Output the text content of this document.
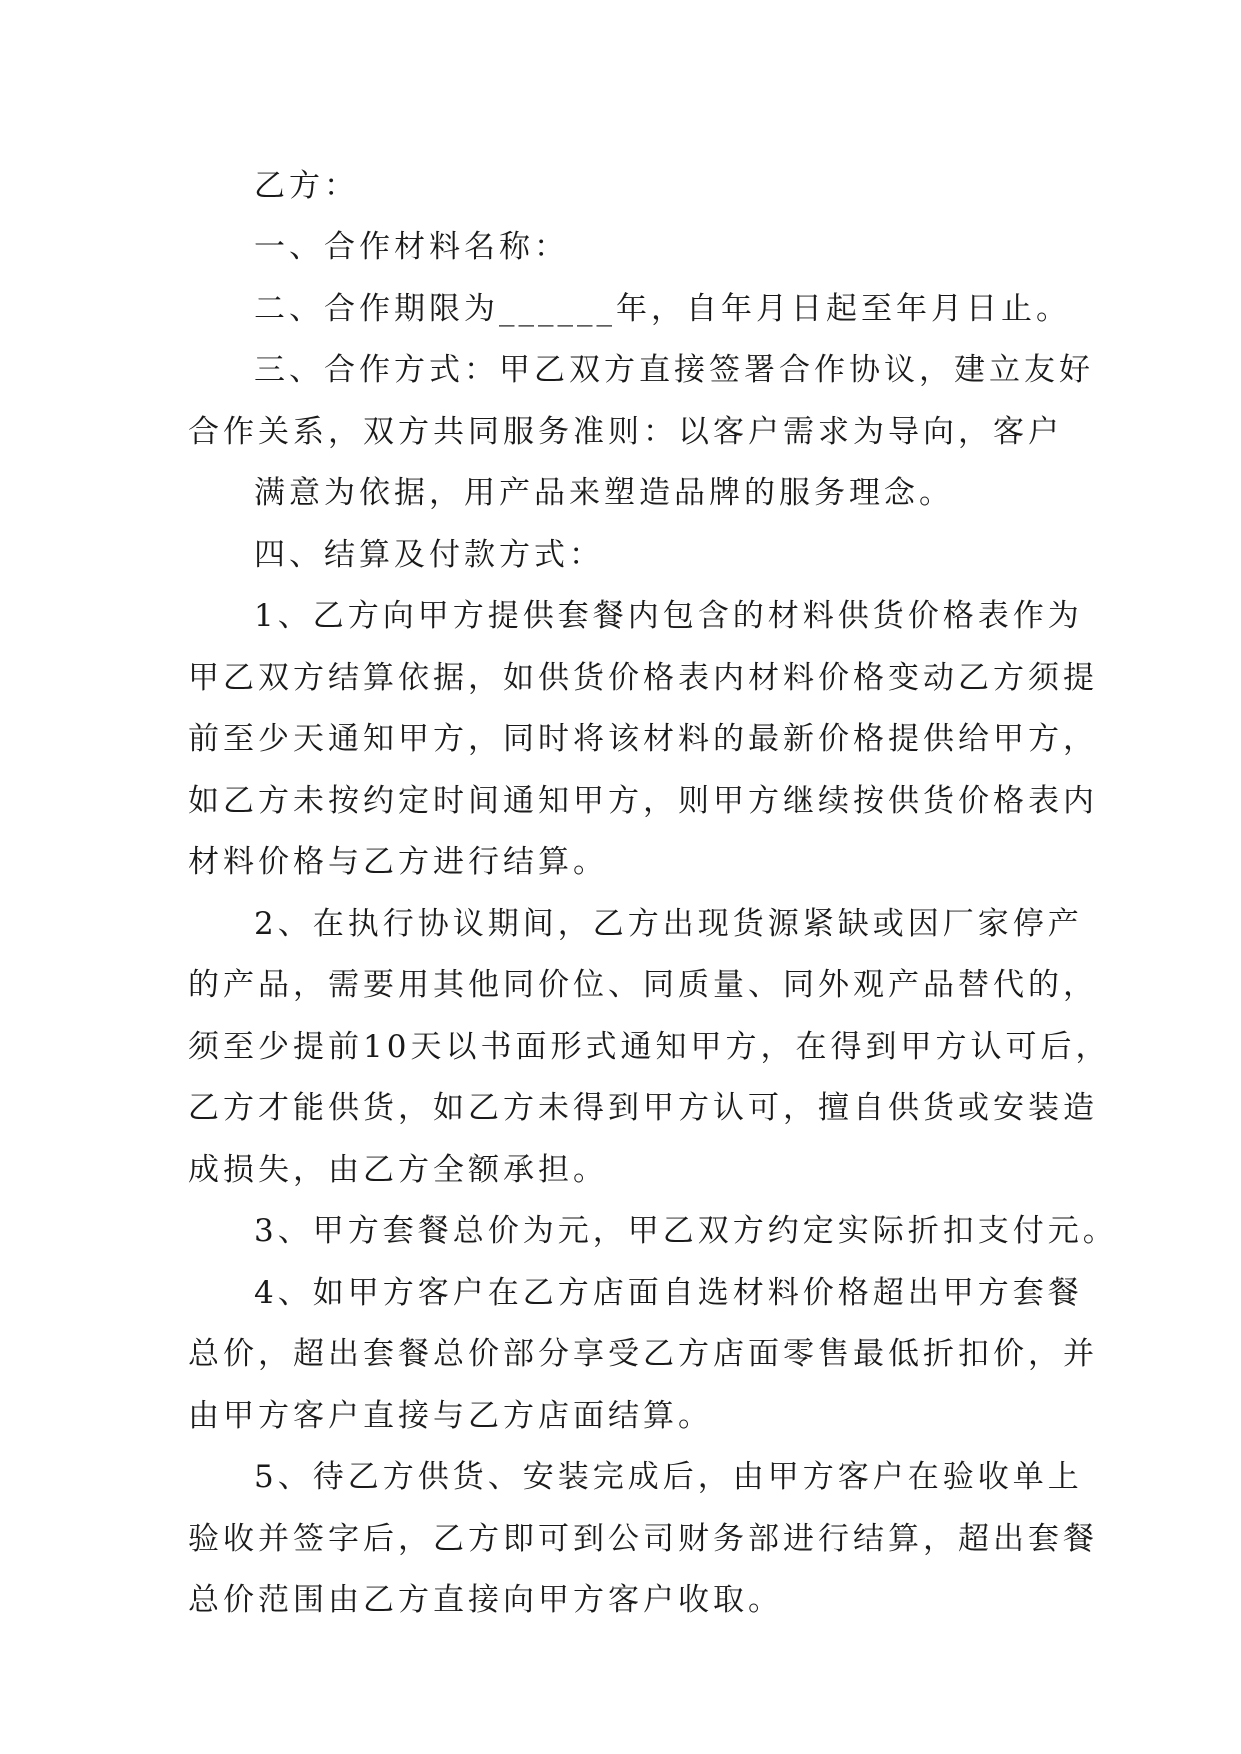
乙方：
一、合作材料名称：
二、合作期限为______年，自年月日起至年月日止。
三、合作方式：甲乙双方直接签署合作协议，建立友好
合作关系，双方共同服务准则：以客户需求为导向，客户
满意为依据，用产品来塑造品牌的服务理念。
四、结算及付款方式：
1、乙方向甲方提供套餐内包含的材料供货价格表作为
甲乙双方结算依据，如供货价格表内材料价格变动乙方须提
前至少天通知甲方，同时将该材料的最新价格提供给甲方，
如乙方未按约定时间通知甲方，则甲方继续按供货价格表内
材料价格与乙方进行结算。
2、在执行协议期间，乙方出现货源紧缺或因厂家停产
的产品，需要用其他同价位、同质量、同外观产品替代的，
须至少提前10天以书面形式通知甲方，在得到甲方认可后，
乙方才能供货，如乙方未得到甲方认可，擅自供货或安装造
成损失，由乙方全额承担。
3、甲方套餐总价为元，甲乙双方约定实际折扣支付元。
4、如甲方客户在乙方店面自选材料价格超出甲方套餐
总价，超出套餐总价部分享受乙方店面零售最低折扣价，并
由甲方客户直接与乙方店面结算。
5、待乙方供货、安装完成后，由甲方客户在验收单上
验收并签字后，乙方即可到公司财务部进行结算，超出套餐
总价范围由乙方直接向甲方客户收取。
